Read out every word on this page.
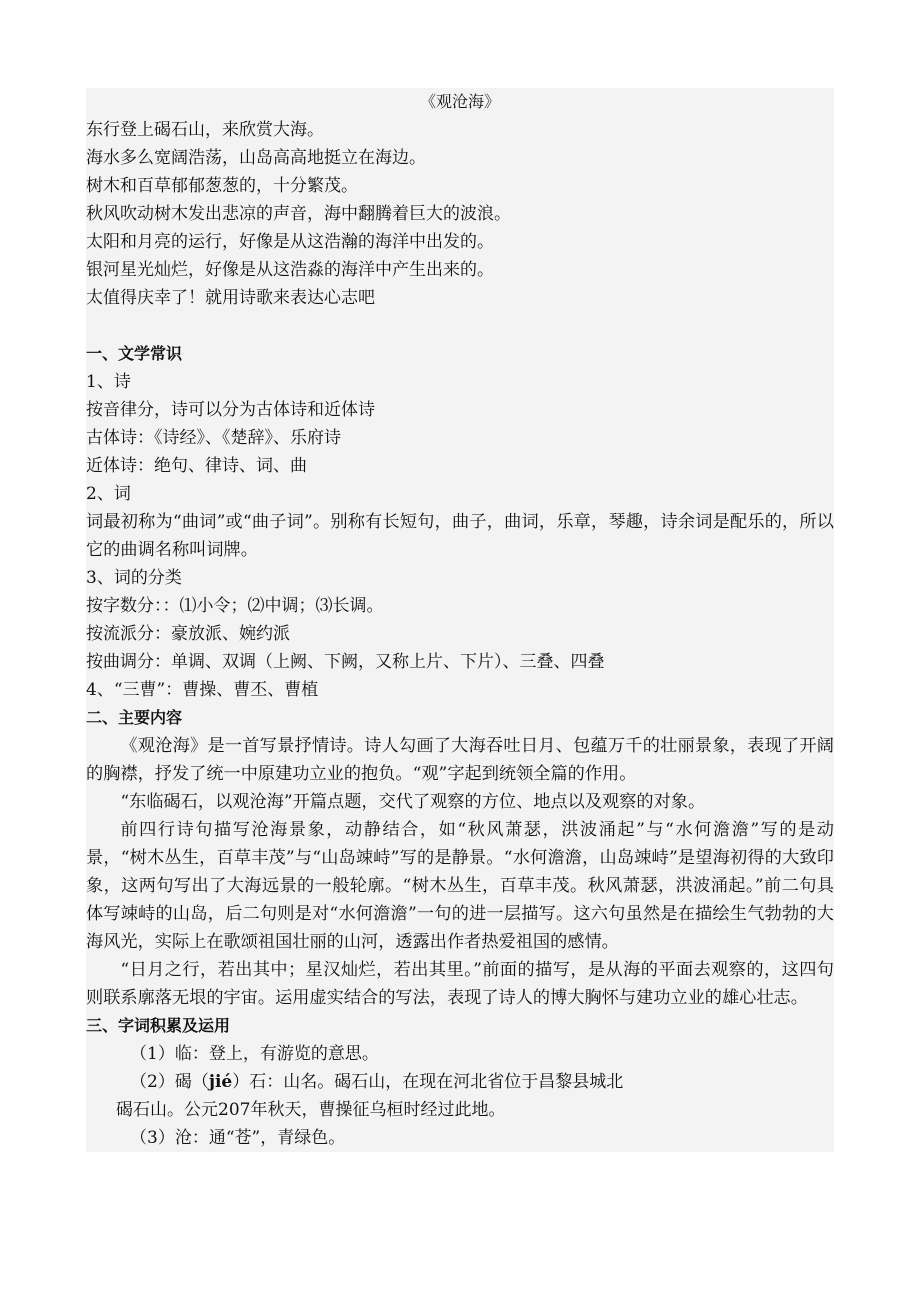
《观沧海》
东行登上碣石山，来欣赏大海。
海水多么宽阔浩荡，山岛高高地挺立在海边。
树木和百草郁郁葱葱的，十分繁茂。
秋风吹动树木发出悲凉的声音，海中翻腾着巨大的波浪。
太阳和月亮的运行，好像是从这浩瀚的海洋中出发的。
银河星光灿烂，好像是从这浩淼的海洋中产生出来的。
太值得庆幸了！就用诗歌来表达心志吧
一、文学常识
1、诗
按音律分，诗可以分为古体诗和近体诗
古体诗：《诗经》、《楚辞》、乐府诗
近体诗：绝句、律诗、词、曲
2、词
词最初称为“曲词”或“曲子词”。别称有长短句，曲子，曲词，乐章，琴趣，诗余词是配乐的，所以它的曲调名称叫词牌。
3、词的分类
按字数分：：⑴小令；⑵中调；⑶长调。
按流派分：豪放派、婉约派
按曲调分：单调、双调（上阙、下阙，又称上片、下片）、三叠、四叠
4、“三曹”：曹操、曹丕、曹植
二、主要内容
《观沧海》是一首写景抒情诗。诗人勾画了大海吞吐日月、包蕴万千的壮丽景象，表现了开阔的胸襟，抒发了统一中原建功立业的抱负。“观”字起到统领全篇的作用。
“东临碣石，以观沧海”开篇点题，交代了观察的方位、地点以及观察的对象。
前四行诗句描写沧海景象，动静结合，如“秋风萧瑟，洪波涌起”与“水何澹澹”写的是动景，“树木丛生，百草丰茂”与“山岛竦峙”写的是静景。“水何澹澹，山岛竦峙”是望海初得的大致印象，这两句写出了大海远景的一般轮廓。“树木丛生，百草丰茂。秋风萧瑟，洪波涌起。”前二句具体写竦峙的山岛，后二句则是对“水何澹澹”一句的进一层描写。这六句虽然是在描绘生气勃勃的大海风光，实际上在歌颂祖国壮丽的山河，透露出作者热爱祖国的感情。
“日月之行，若出其中；星汉灿烂，若出其里。”前面的描写，是从海的平面去观察的，这四句则联系廓落无垠的宇宙。运用虚实结合的写法，表现了诗人的博大胸怀与建功立业的雄心壮志。
三、字词积累及运用
（1）临：登上，有游览的意思。
（2）碣（jié）石：山名。碣石山，在现在河北省位于昌黎县城北
碣石山。公元207年秋天，曹操征乌桓时经过此地。
（3）沧：通“苍”，青绿色。
